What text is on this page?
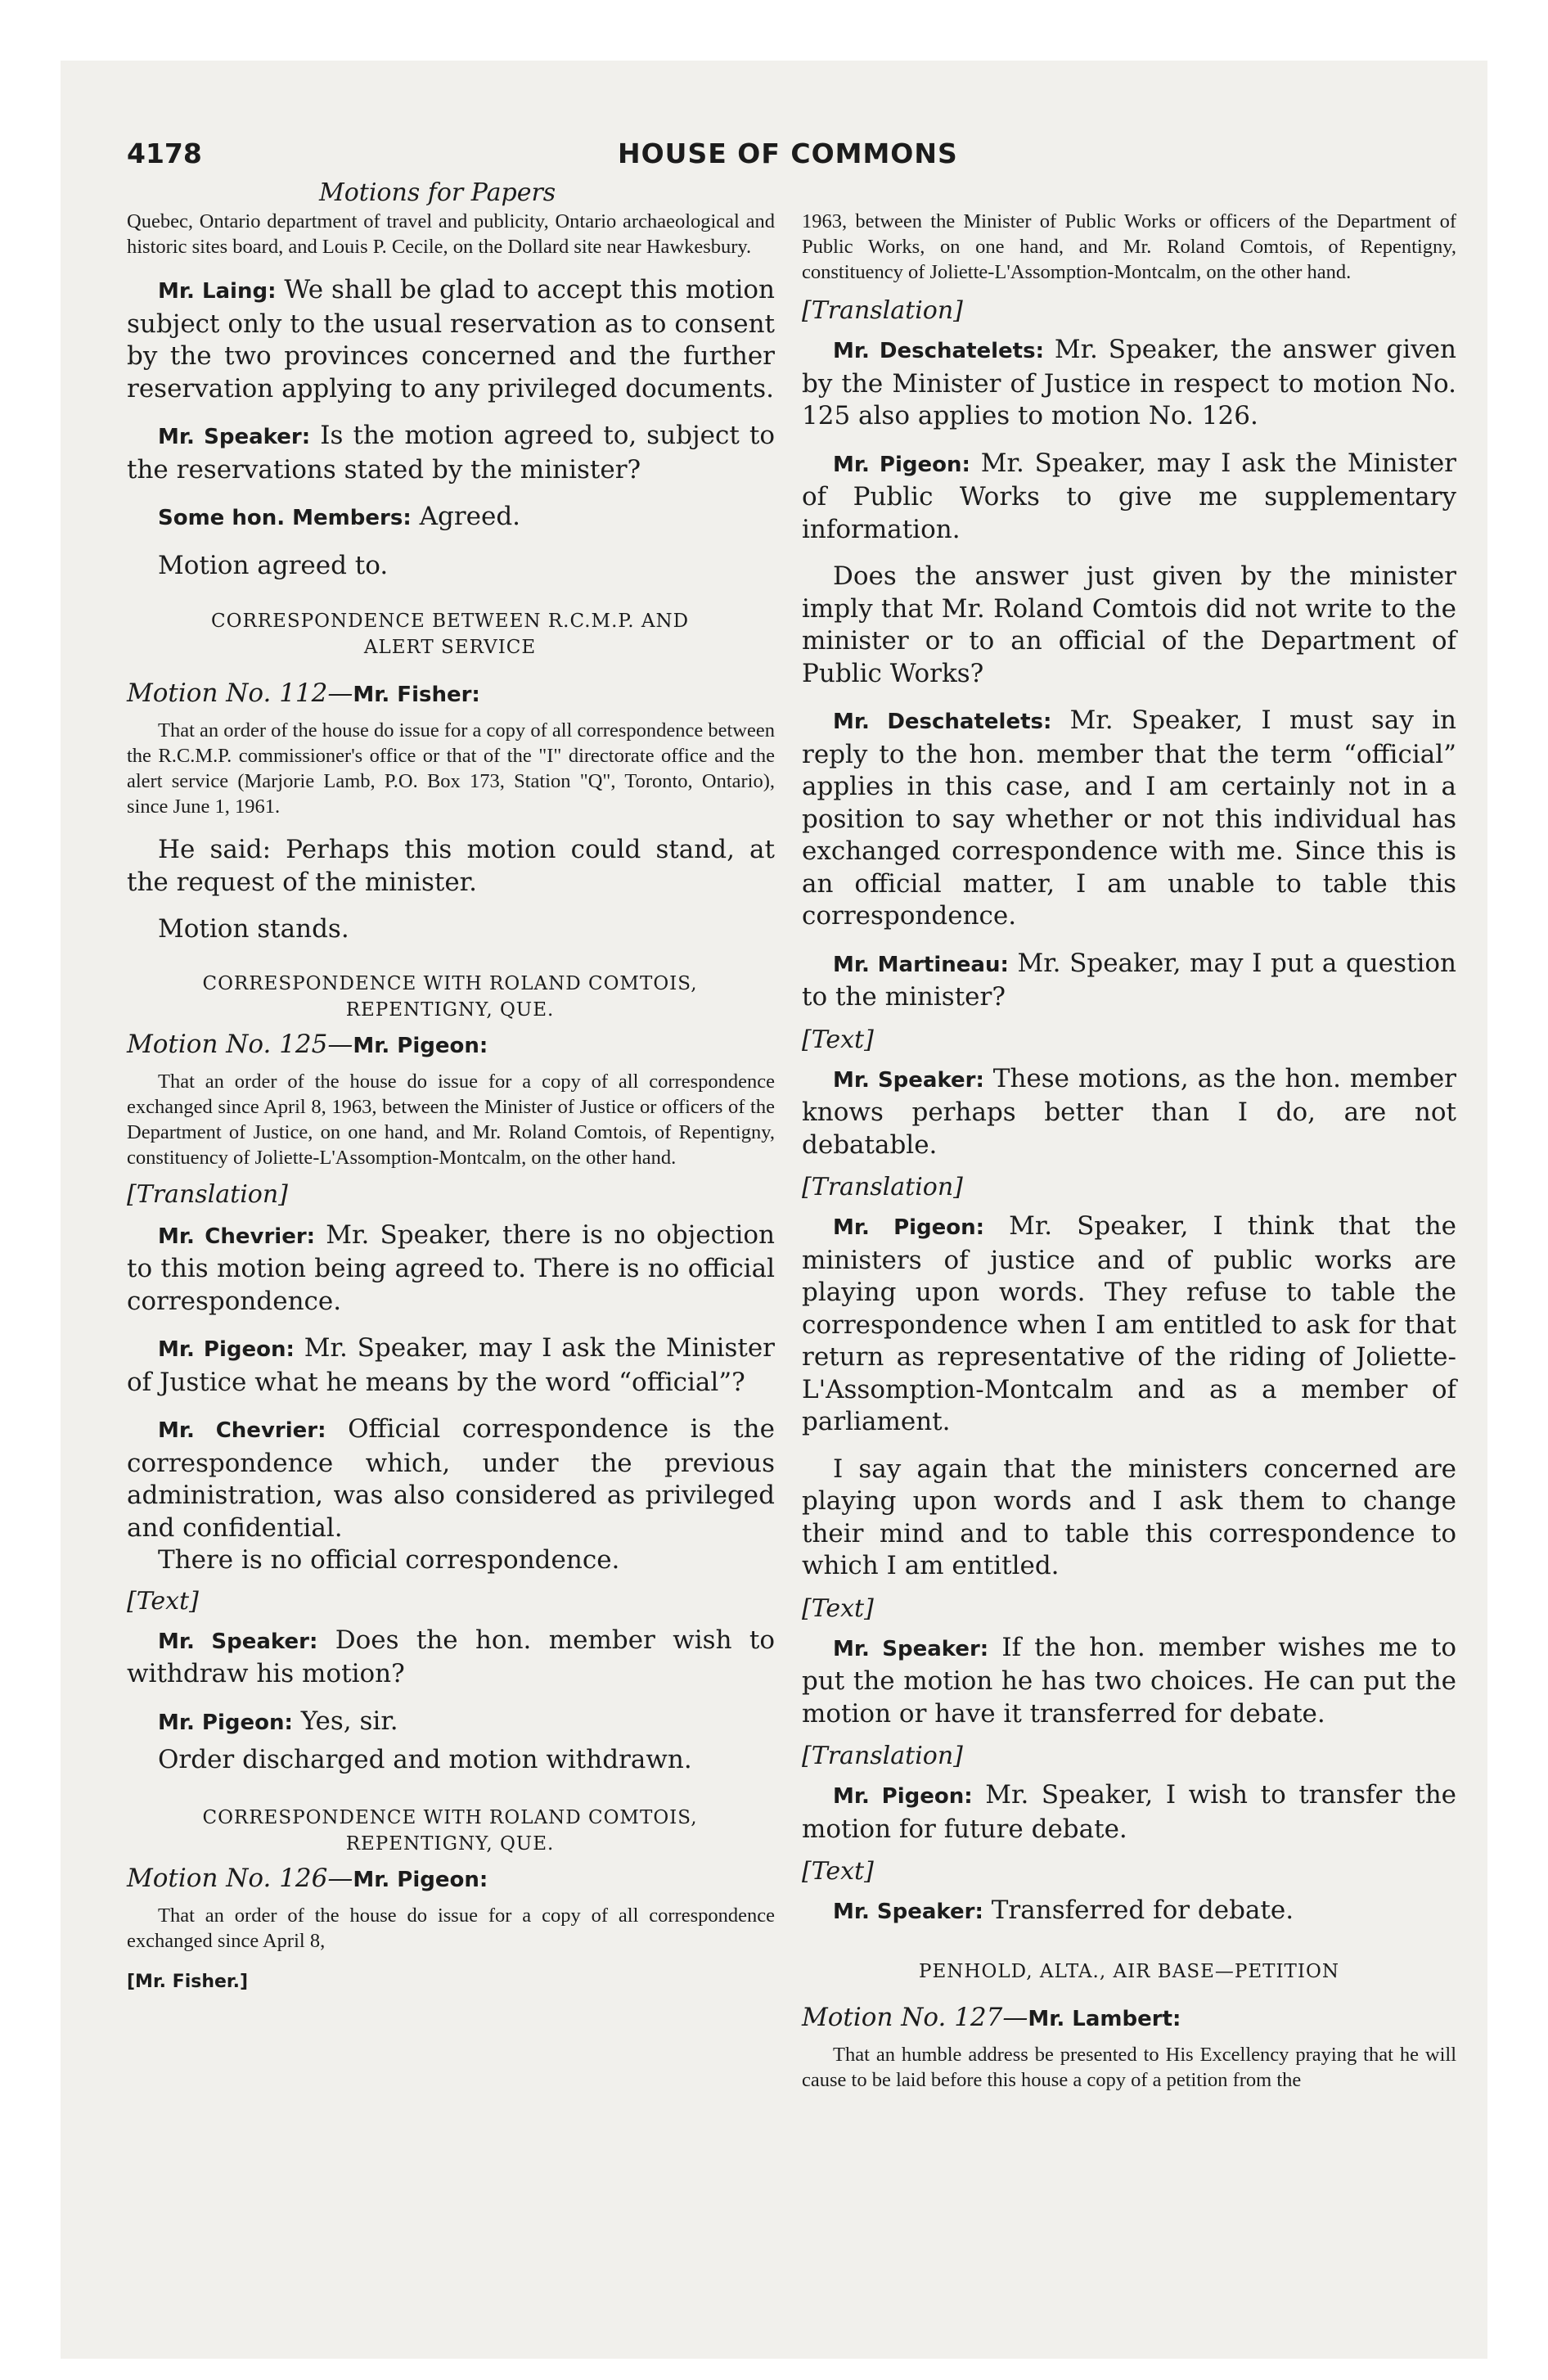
4178	HOUSE OF COMMONS
Motions for Papers

Quebec, Ontario department of travel and publicity, Ontario archaeological and historic sites board, and Louis P. Cecile, on the Dollard site near Hawkesbury.

Mr. Laing: We shall be glad to accept this motion subject only to the usual reservation as to consent by the two provinces concerned and the further reservation applying to any privileged documents.

Mr. Speaker: Is the motion agreed to, subject to the reservations stated by the minister?

Some hon. Members: Agreed.

Motion agreed to.

CORRESPONDENCE BETWEEN R.C.M.P. AND ALERT SERVICE

Motion No. 112—Mr. Fisher:

That an order of the house do issue for a copy of all correspondence between the R.C.M.P. commissioner's office or that of the "I" directorate office and the alert service (Marjorie Lamb, P.O. Box 173, Station "Q", Toronto, Ontario), since June 1, 1961.

He said: Perhaps this motion could stand, at the request of the minister.

Motion stands.

CORRESPONDENCE WITH ROLAND COMTOIS, REPENTIGNY, QUE.

Motion No. 125—Mr. Pigeon:

That an order of the house do issue for a copy of all correspondence exchanged since April 8, 1963, between the Minister of Justice or officers of the Department of Justice, on one hand, and Mr. Roland Comtois, of Repentigny, constituency of Joliette-L'Assomption-Montcalm, on the other hand.

[Translation]

Mr. Chevrier: Mr. Speaker, there is no objection to this motion being agreed to. There is no official correspondence.

Mr. Pigeon: Mr. Speaker, may I ask the Minister of Justice what he means by the word “official”?

Mr. Chevrier: Official correspondence is the correspondence which, under the previous administration, was also considered as privileged and confidential.

There is no official correspondence.

[Text]

Mr. Speaker: Does the hon. member wish to withdraw his motion?

Mr. Pigeon: Yes, sir.

Order discharged and motion withdrawn.

CORRESPONDENCE WITH ROLAND COMTOIS, REPENTIGNY, QUE.

Motion No. 126—Mr. Pigeon:

That an order of the house do issue for a copy of all correspondence exchanged since April 8,

[Mr. Fisher.]

1963, between the Minister of Public Works or officers of the Department of Public Works, on one hand, and Mr. Roland Comtois, of Repentigny, constituency of Joliette-L'Assomption-Montcalm, on the other hand.

[Translation]

Mr. Deschatelets: Mr. Speaker, the answer given by the Minister of Justice in respect to motion No. 125 also applies to motion No. 126.

Mr. Pigeon: Mr. Speaker, may I ask the Minister of Public Works to give me supplementary information.

Does the answer just given by the minister imply that Mr. Roland Comtois did not write to the minister or to an official of the Department of Public Works?

Mr. Deschatelets: Mr. Speaker, I must say in reply to the hon. member that the term “official” applies in this case, and I am certainly not in a position to say whether or not this individual has exchanged correspondence with me. Since this is an official matter, I am unable to table this correspondence.

Mr. Martineau: Mr. Speaker, may I put a question to the minister?

[Text]

Mr. Speaker: These motions, as the hon. member knows perhaps better than I do, are not debatable.

[Translation]

Mr. Pigeon: Mr. Speaker, I think that the ministers of justice and of public works are playing upon words. They refuse to table the correspondence when I am entitled to ask for that return as representative of the riding of Joliette-L'Assomption-Montcalm and as a member of parliament.

I say again that the ministers concerned are playing upon words and I ask them to change their mind and to table this correspondence to which I am entitled.

[Text]

Mr. Speaker: If the hon. member wishes me to put the motion he has two choices. He can put the motion or have it transferred for debate.

[Translation]

Mr. Pigeon: Mr. Speaker, I wish to transfer the motion for future debate.

[Text]

Mr. Speaker: Transferred for debate.

PENHOLD, ALTA., AIR BASE—PETITION

Motion No. 127—Mr. Lambert:

That an humble address be presented to His Excellency praying that he will cause to be laid before this house a copy of a petition from the
